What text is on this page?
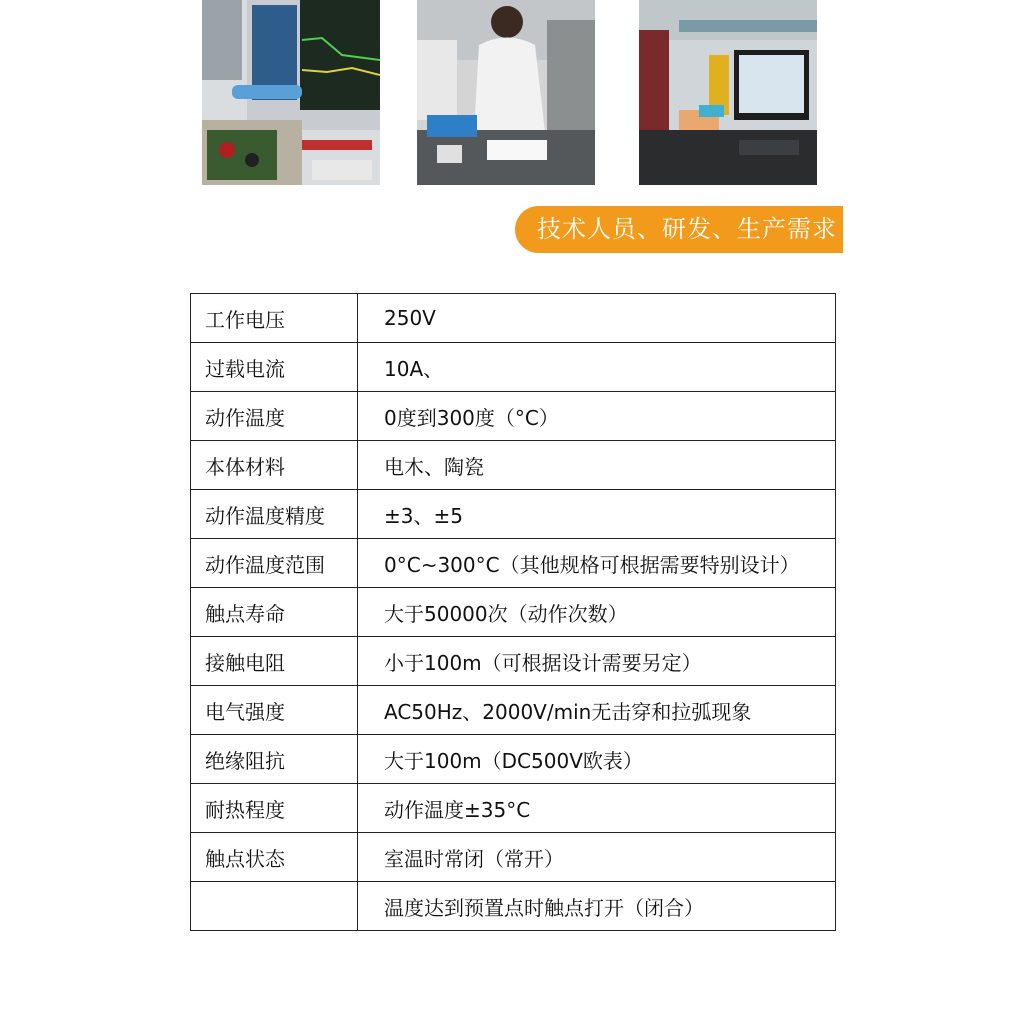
技术人员、研发、生产需求
工作电压	250V
过载电流	10A、
动作温度	0度到300度（°C）
本体材料	电木、陶瓷
动作温度精度	±3、±5
动作温度范围	0°C~300°C（其他规格可根据需要特别设计）
触点寿命	大于50000次（动作次数）
接触电阻	小于100m（可根据设计需要另定）
电气强度	AC50Hz、2000V/min无击穿和拉弧现象
绝缘阻抗	大于100m（DC500V欧表）
耐热程度	动作温度±35°C
触点状态	室温时常闭（常开）
	温度达到预置点时触点打开（闭合）
